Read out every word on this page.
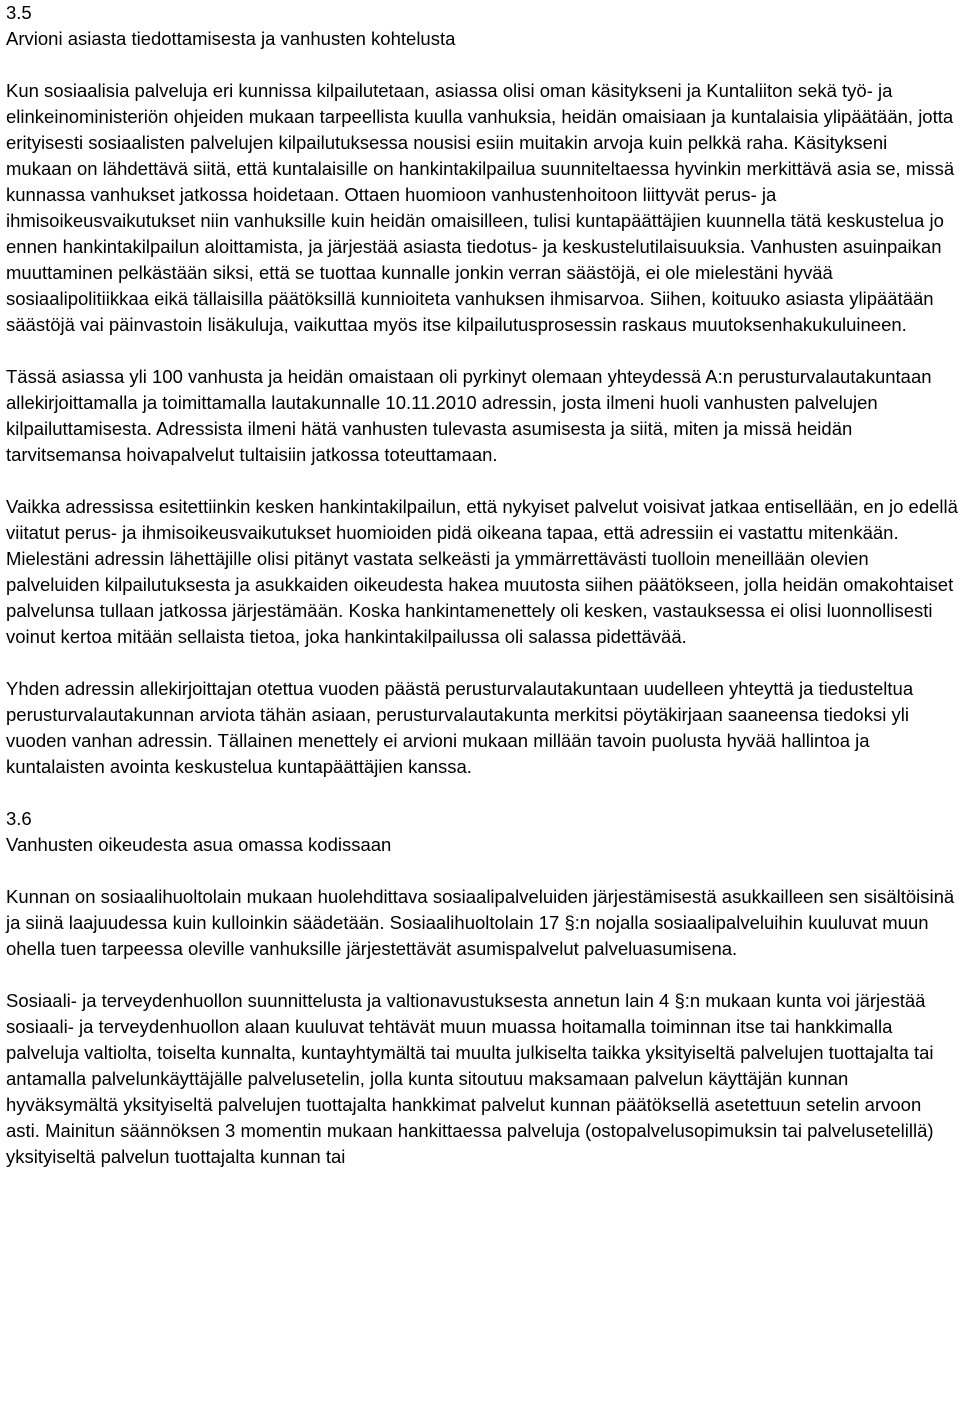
3.5

Arvioni asiasta tiedottamisesta ja vanhusten kohtelusta

Kun sosiaalisia palveluja eri kunnissa kilpailutetaan, asiassa olisi oman käsitykseni ja Kuntaliiton sekä työ- ja elinkeinoministeriön ohjeiden mukaan tarpeellista kuulla vanhuksia, heidän omaisiaan ja kuntalaisia ylipäätään, jotta erityisesti sosiaalisten palvelujen kilpailutuksessa nousisi esiin muitakin arvoja kuin pelkkä raha. Käsitykseni mukaan on lähdettävä siitä, että kuntalaisille on hankintakilpailua suunniteltaessa hyvinkin merkittävä asia se, missä kunnassa vanhukset jatkossa hoidetaan. Ottaen huomioon vanhustenhoitoon liittyvät perus- ja ihmisoikeusvaikutukset niin vanhuksille kuin heidän omaisilleen, tulisi kuntapäättäjien kuunnella tätä keskustelua jo ennen hankintakilpailun aloittamista, ja järjestää asiasta tiedotus- ja keskustelutilaisuuksia. Vanhusten asuinpaikan muuttaminen pelkästään siksi, että se tuottaa kunnalle jonkin verran säästöjä, ei ole mielestäni hyvää sosiaalipolitiikkaa eikä tällaisilla päätöksillä kunnioiteta vanhuksen ihmisarvoa. Siihen, koituuko asiasta ylipäätään säästöjä vai päinvastoin lisäkuluja, vaikuttaa myös itse kilpailutusprosessin raskaus muutoksenhakukuluineen.

Tässä asiassa yli 100 vanhusta ja heidän omaistaan oli pyrkinyt olemaan yhteydessä A:n perusturvalautakuntaan allekirjoittamalla ja toimittamalla lautakunnalle 10.11.2010 adressin, josta ilmeni huoli vanhusten palvelujen kilpailuttamisesta. Adressista ilmeni hätä vanhusten tulevasta asumisesta ja siitä, miten ja missä heidän tarvitsemansa hoivapalvelut tultaisiin jatkossa toteuttamaan.

Vaikka adressissa esitettiinkin kesken hankintakilpailun, että nykyiset palvelut voisivat jatkaa entisellään, en jo edellä viitatut perus- ja ihmisoikeusvaikutukset huomioiden pidä oikeana tapaa, että adressiin ei vastattu mitenkään. Mielestäni adressin lähettäjille olisi pitänyt vastata selkeästi ja ymmärrettävästi tuolloin meneillään olevien palveluiden kilpailutuksesta ja asukkaiden oikeudesta hakea muutosta siihen päätökseen, jolla heidän omakohtaiset palvelunsa tullaan jatkossa järjestämään. Koska hankintamenettely oli kesken, vastauksessa ei olisi luonnollisesti voinut kertoa mitään sellaista tietoa, joka hankintakilpailussa oli salassa pidettävää.

Yhden adressin allekirjoittajan otettua vuoden päästä perusturvalautakuntaan uudelleen yhteyttä ja tiedusteltua perusturvalautakunnan arviota tähän asiaan, perusturvalautakunta merkitsi pöytäkirjaan saaneensa tiedoksi yli vuoden vanhan adressin. Tällainen menettely ei arvioni mukaan millään tavoin puolusta hyvää hallintoa ja kuntalaisten avointa keskustelua kuntapäättäjien kanssa.

3.6

Vanhusten oikeudesta asua omassa kodissaan

Kunnan on sosiaalihuoltolain mukaan huolehdittava sosiaalipalveluiden järjestämisestä asukkailleen sen sisältöisinä ja siinä laajuudessa kuin kulloinkin säädetään. Sosiaalihuoltolain 17 §:n nojalla sosiaalipalveluihin kuuluvat muun ohella tuen tarpeessa oleville vanhuksille järjestettävät asumispalvelut palveluasumisena.

Sosiaali- ja terveydenhuollon suunnittelusta ja valtionavustuksesta annetun lain 4 §:n mukaan kunta voi järjestää sosiaali- ja terveydenhuollon alaan kuuluvat tehtävät muun muassa hoitamalla toiminnan itse tai hankkimalla palveluja valtiolta, toiselta kunnalta, kuntayhtymältä tai muulta julkiselta taikka yksityiseltä palvelujen tuottajalta tai antamalla palvelunkäyttäjälle palvelusetelin, jolla kunta sitoutuu maksamaan palvelun käyttäjän kunnan hyväksymältä yksityiseltä palvelujen tuottajalta hankkimat palvelut kunnan päätöksellä asetettuun setelin arvoon asti. Mainitun säännöksen 3 momentin mukaan hankittaessa palveluja (ostopalvelusopimuksin tai palvelusetelillä) yksityiseltä palvelun tuottajalta kunnan tai
